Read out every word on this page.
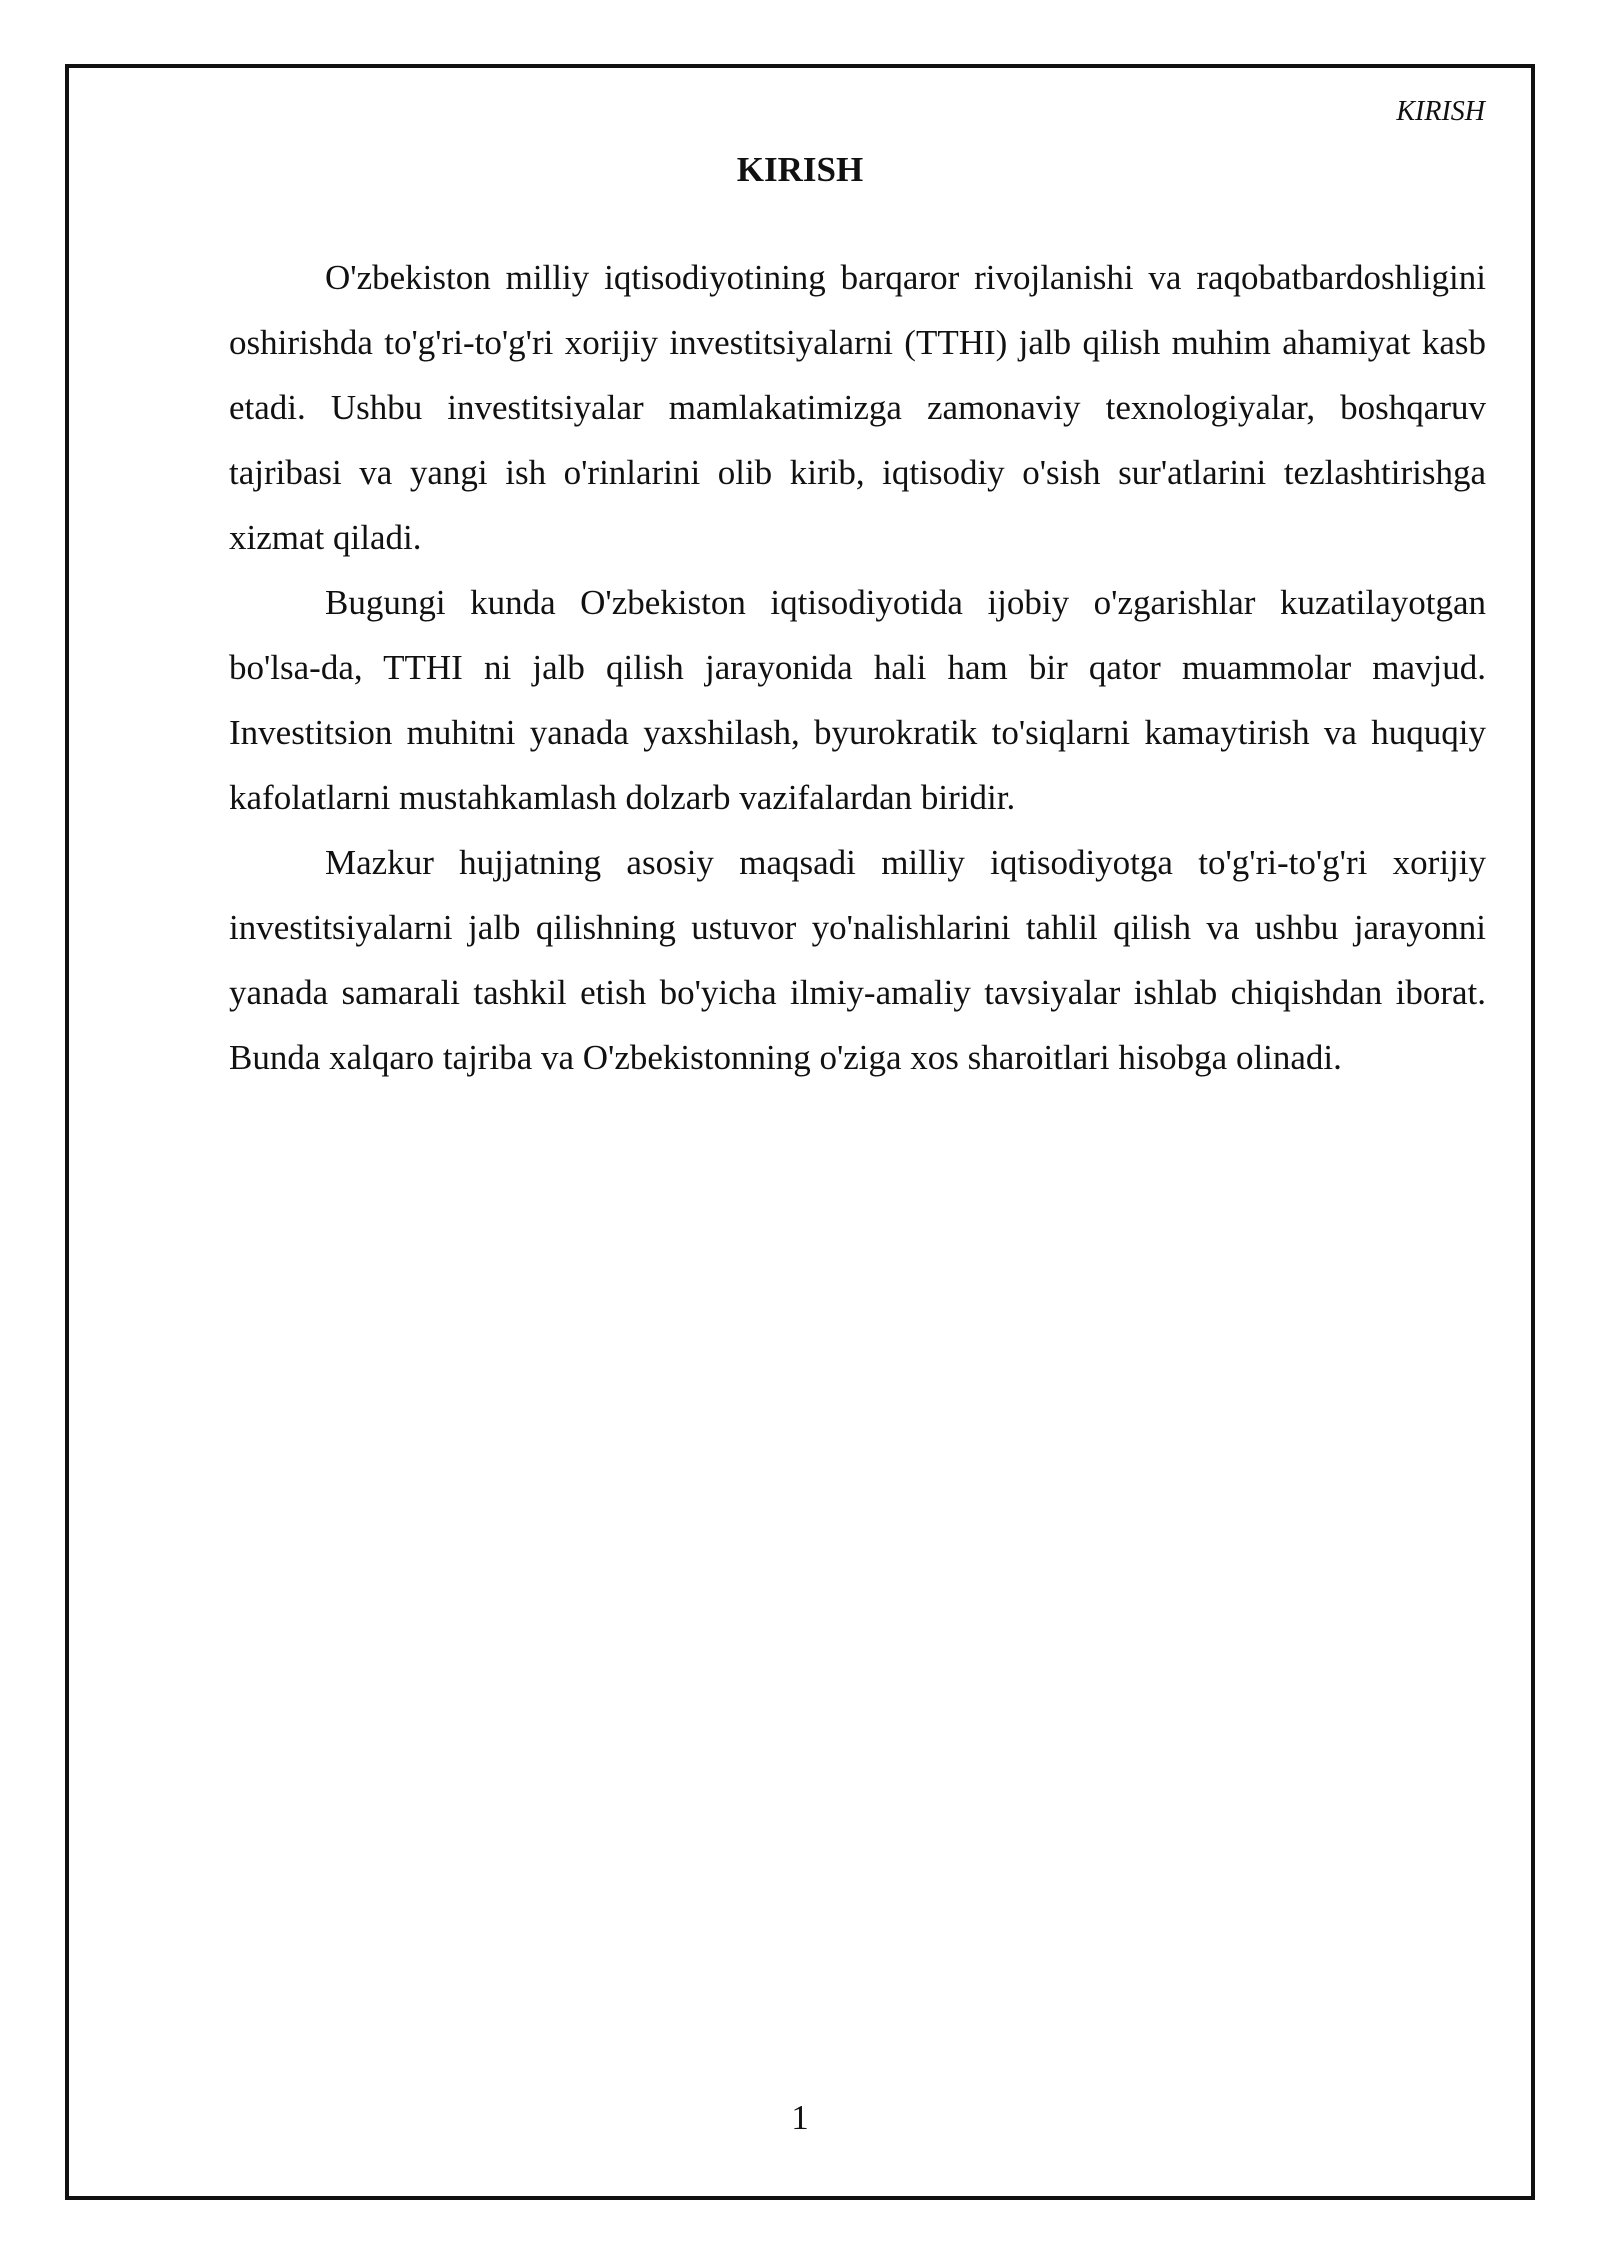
KIRISH
KIRISH

O'zbekiston milliy iqtisodiyotining barqaror rivojlanishi va raqobatbardoshligini oshirishda to'g'ri-to'g'ri xorijiy investitsiyalarni (TTHI) jalb qilish muhim ahamiyat kasb etadi. Ushbu investitsiyalar mamlakatimizga zamonaviy texnologiyalar, boshqaruv tajribasi va yangi ish o'rinlarini olib kirib, iqtisodiy o'sish sur'atlarini tezlashtirishga xizmat qiladi.

Bugungi kunda O'zbekiston iqtisodiyotida ijobiy o'zgarishlar kuzatilayotgan bo'lsa-da, TTHI ni jalb qilish jarayonida hali ham bir qator muammolar mavjud. Investitsion muhitni yanada yaxshilash, byurokratik to'siqlarni kamaytirish va huquqiy kafolatlarni mustahkamlash dolzarb vazifalardan biridir.

Mazkur hujjatning asosiy maqsadi milliy iqtisodiyotga to'g'ri-to'g'ri xorijiy investitsiyalarni jalb qilishning ustuvor yo'nalishlarini tahlil qilish va ushbu jarayonni yanada samarali tashkil etish bo'yicha ilmiy-amaliy tavsiyalar ishlab chiqishdan iborat. Bunda xalqaro tajriba va O'zbekistonning o'ziga xos sharoitlari hisobga olinadi.

1
